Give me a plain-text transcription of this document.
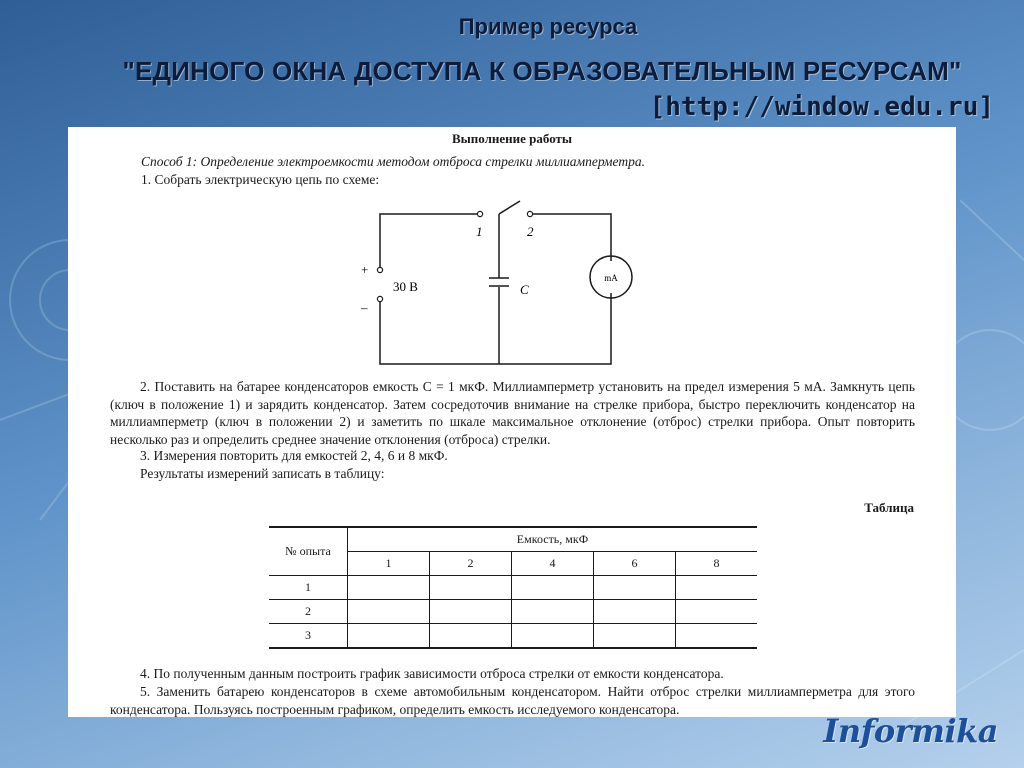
Пример ресурса
"ЕДИНОГО ОКНА ДОСТУПА К ОБРАЗОВАТЕЛЬНЫМ РЕСУРСАМ"
[http://window.edu.ru]
Выполнение работы
Способ 1: Определение электроемкости методом отброса стрелки миллиамперметра.
1. Собрать электрическую цепь по схеме:
+
–
30 В
1	2
C
mA
2. Поставить на батарее конденсаторов емкость C = 1 мкФ. Миллиамперметр установить на предел измерения 5 мА. Замкнуть цепь (ключ в положение 1) и зарядить конденсатор. Затем сосредоточив внимание на стрелке прибора, быстро переключить конденсатор на миллиамперметр (ключ в положении 2) и заметить по шкале максимальное отклонение (отброс) стрелки прибора. Опыт повторить несколько раз и определить среднее значение отклонения (отброса) стрелки.
3. Измерения повторить для емкостей 2, 4, 6 и 8 мкФ.
Результаты измерений записать в таблицу:
Таблица
№ опыта	Емкость, мкФ				
	1	2	4	6	8
1					
2					
3					
4. По полученным данным построить график зависимости отброса стрелки от емкости конденсатора.
5. Заменить батарею конденсаторов в схеме автомобильным конденсатором. Найти отброс стрелки миллиамперметра для этого конденсатора. Пользуясь построенным графиком, определить емкость исследуемого конденсатора.
Informika
